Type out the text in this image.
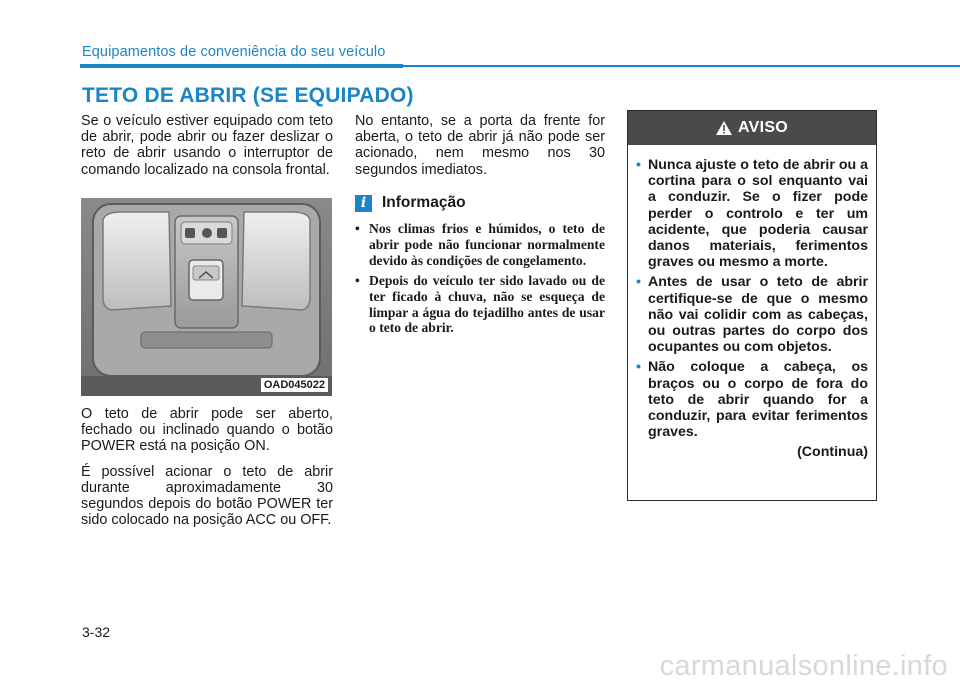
Equipamentos de conveniência do seu veículo
TETO DE ABRIR (SE EQUIPADO)

Se o veículo estiver equipado com teto de abrir, pode abrir ou fazer deslizar o reto de abrir usando o interruptor de comando localizado na consola frontal.

OAD045022

O teto de abrir pode ser aberto, fechado ou inclinado quando o botão POWER está na posição ON.

É possível acionar o teto de abrir durante aproximadamente 30 segundos depois do botão POWER ter sido colocado na posição ACC ou OFF.

No entanto, se a porta da frente for aberta, o teto de abrir já não pode ser acionado, nem mesmo nos 30 segundos imediatos.

i	Informação
• Nos climas frios e húmidos, o teto de abrir pode não funcionar normalmente devido às condições de congelamento.
• Depois do veículo ter sido lavado ou de ter ficado à chuva, não se esqueça de limpar a água do tejadilho antes de usar o teto de abrir.
AVISO
• Nunca ajuste o teto de abrir ou a cortina para o sol enquanto vai a conduzir. Se o fizer pode perder o controlo e ter um acidente, que poderia causar danos materiais, ferimentos graves ou mesmo a morte.
• Antes de usar o teto de abrir certifique-se de que o mesmo não vai colidir com as cabeças, ou outras partes do corpo dos ocupantes ou com objetos.
• Não coloque a cabeça, os braços ou o corpo de fora do teto de abrir quando for a conduzir, para evitar ferimentos graves.
(Continua)
3-32
carmanualsonline.info
